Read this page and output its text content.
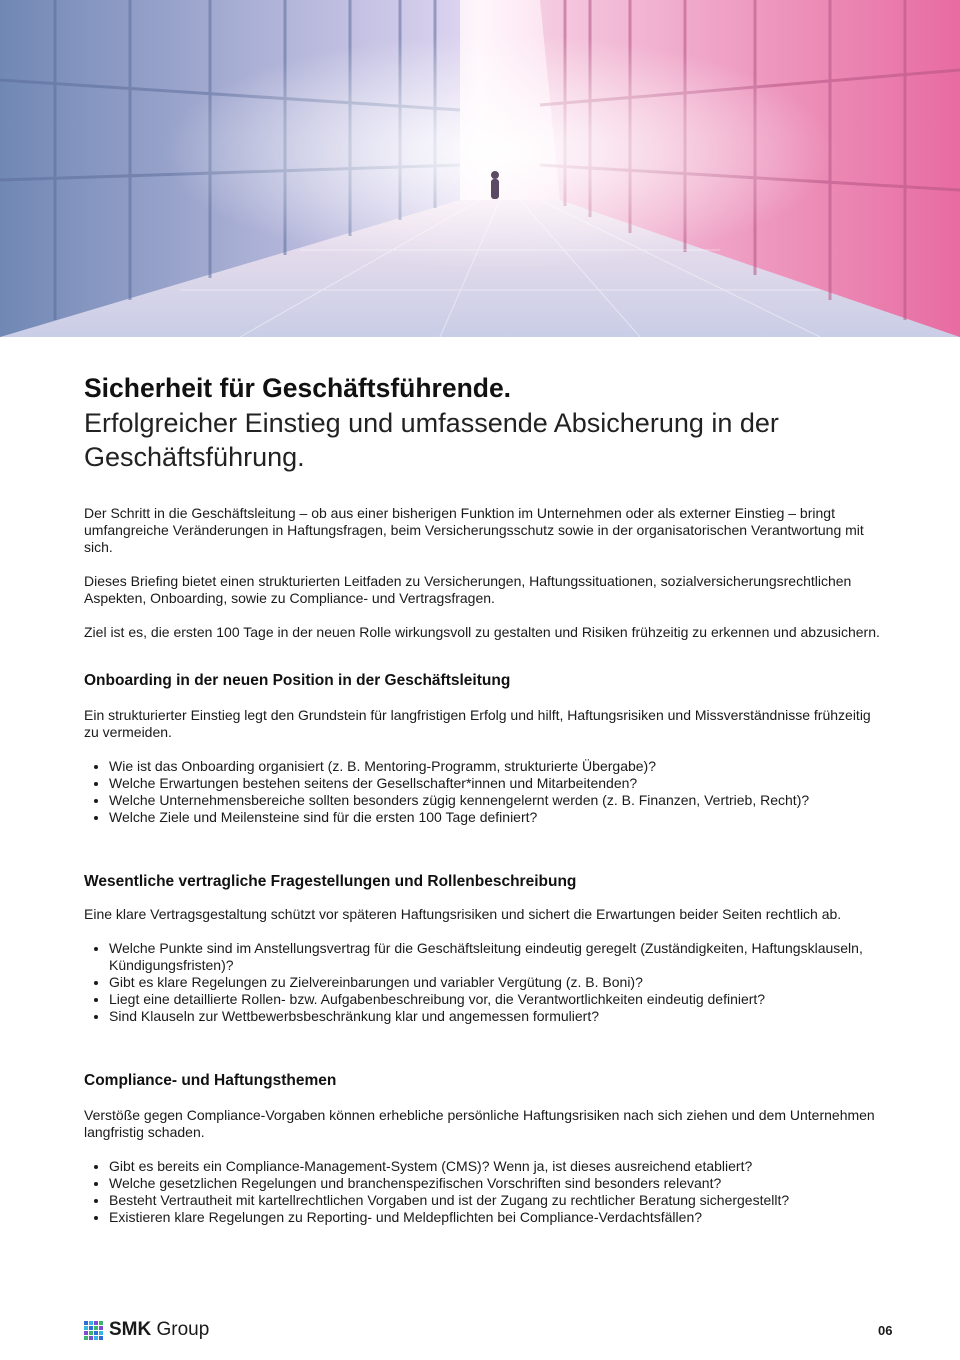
Sicherheit für Geschäftsführende.
Erfolgreicher Einstieg und umfassende Absicherung in der Geschäftsführung.

Der Schritt in die Geschäftsleitung – ob aus einer bisherigen Funktion im Unternehmen oder als externer Einstieg – bringt umfangreiche Veränderungen in Haftungsfragen, beim Versicherungsschutz sowie in der organisatorischen Verantwortung mit sich.

Dieses Briefing bietet einen strukturierten Leitfaden zu Versicherungen, Haftungssituationen, sozialversicherungsrechtlichen Aspekten, Onboarding, sowie zu Compliance- und Vertragsfragen.

Ziel ist es, die ersten 100 Tage in der neuen Rolle wirkungsvoll zu gestalten und Risiken frühzeitig zu erkennen und abzusichern.

Onboarding in der neuen Position in der Geschäftsleitung

Ein strukturierter Einstieg legt den Grundstein für langfristigen Erfolg und hilft, Haftungsrisiken und Missverständnisse frühzeitig zu vermeiden.

• Wie ist das Onboarding organisiert (z. B. Mentoring-Programm, strukturierte Übergabe)?
• Welche Erwartungen bestehen seitens der Gesellschafter*innen und Mitarbeitenden?
• Welche Unternehmensbereiche sollten besonders zügig kennengelernt werden (z. B. Finanzen, Vertrieb, Recht)?
• Welche Ziele und Meilensteine sind für die ersten 100 Tage definiert?
Wesentliche vertragliche Fragestellungen und Rollenbeschreibung

Eine klare Vertragsgestaltung schützt vor späteren Haftungsrisiken und sichert die Erwartungen beider Seiten rechtlich ab.

• Welche Punkte sind im Anstellungsvertrag für die Geschäftsleitung eindeutig geregelt (Zuständigkeiten, Haftungsklauseln, Kündigungsfristen)?
• Gibt es klare Regelungen zu Zielvereinbarungen und variabler Vergütung (z. B. Boni)?
• Liegt eine detaillierte Rollen- bzw. Aufgabenbeschreibung vor, die Verantwortlichkeiten eindeutig definiert?
• Sind Klauseln zur Wettbewerbsbeschränkung klar und angemessen formuliert?
Compliance- und Haftungsthemen

Verstöße gegen Compliance-Vorgaben können erhebliche persönliche Haftungsrisiken nach sich ziehen und dem Unternehmen langfristig schaden.

• Gibt es bereits ein Compliance-Management-System (CMS)? Wenn ja, ist dieses ausreichend etabliert?
• Welche gesetzlichen Regelungen und branchenspezifischen Vorschriften sind besonders relevant?
• Besteht Vertrautheit mit kartellrechtlichen Vorgaben und ist der Zugang zu rechtlicher Beratung sichergestellt?
• Existieren klare Regelungen zu Reporting- und Meldepflichten bei Compliance-Verdachtsfällen?
SMK Group	06
